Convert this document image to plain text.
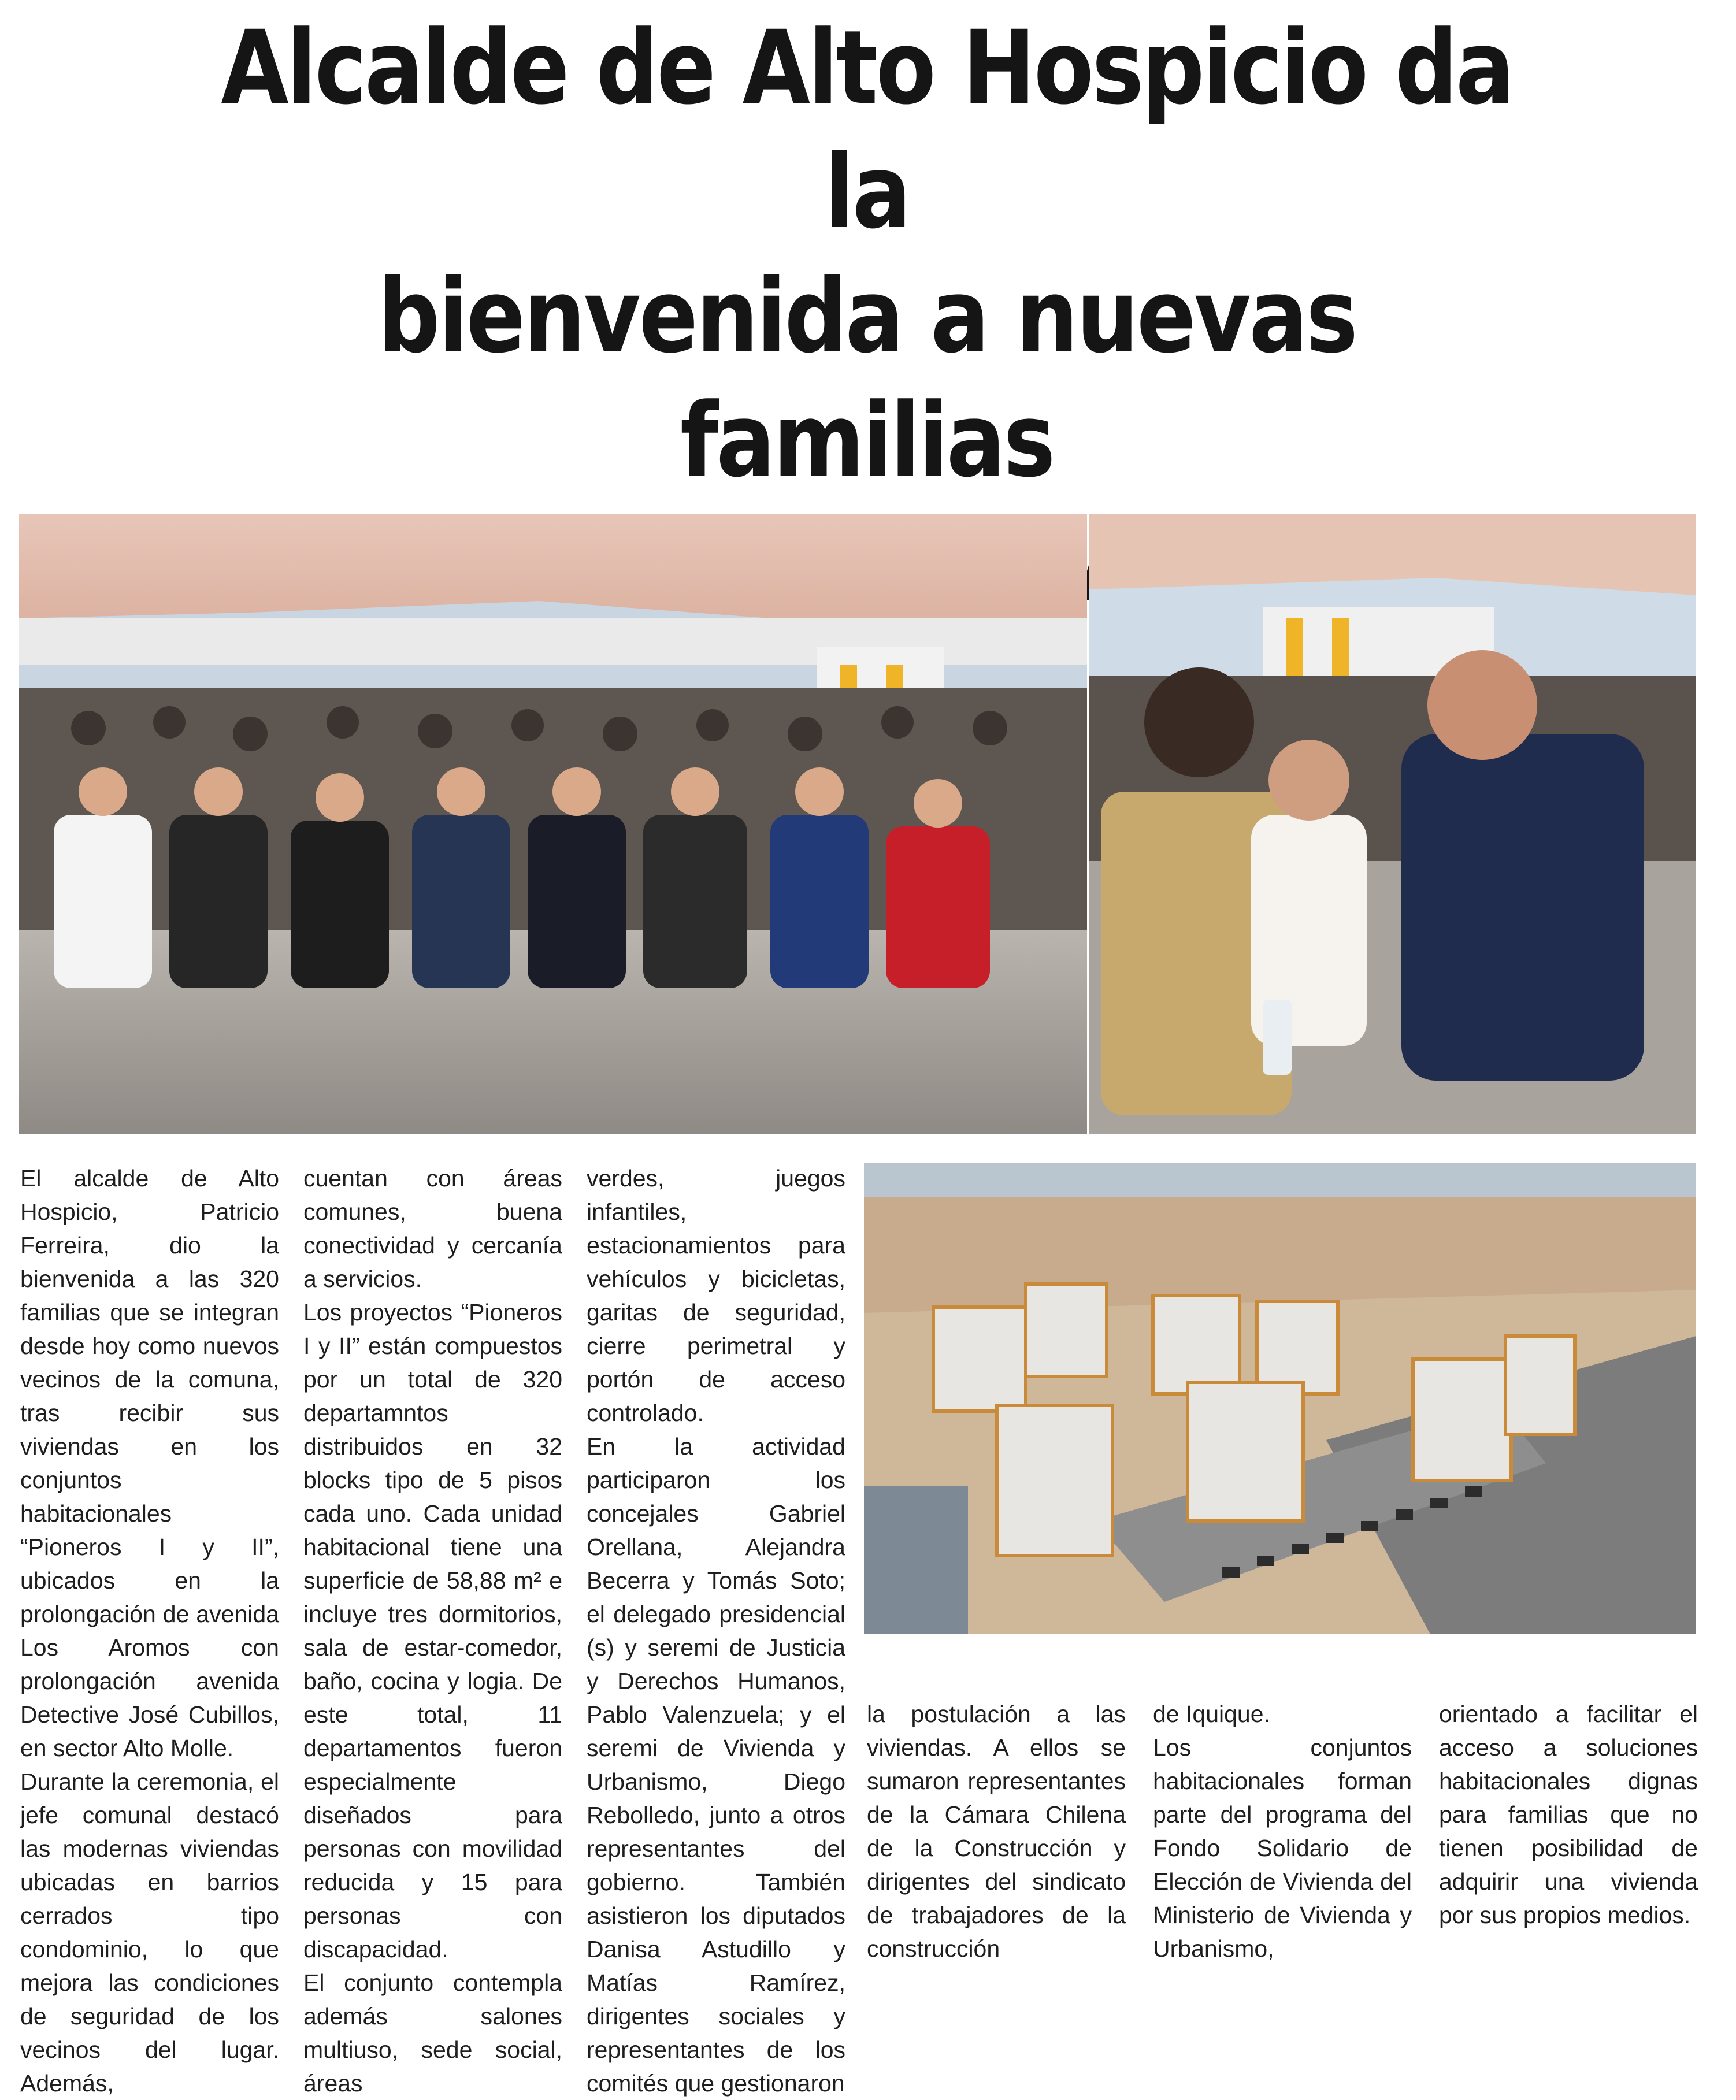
Alcalde de Alto Hospicio da la
bienvenida a nuevas familias

El alcalde de Alto Hospicio, Patricio Ferreira, dio la bienvenida a las 320 familias que se integran desde hoy como nuevos vecinos de la comuna, tras recibir sus viviendas en los conjuntos habitacionales “Pioneros I y II”, ubicados en la prolongación de avenida Los Aromos con prolongación avenida Detective José Cubillos, en sector Alto Molle.

Durante la ceremonia, el jefe comunal destacó las modernas viviendas ubicadas en barrios cerrados tipo condominio, lo que mejora las condiciones de seguridad de los vecinos del lugar. Además,

cuentan con áreas comunes, buena conectividad y cercanía a servicios.

Los proyectos “Pioneros I y II” están compuestos por un total de 320 departamntos distribuidos en 32 blocks tipo de 5 pisos cada uno. Cada unidad habitacional tiene una superficie de 58,88 m² e incluye tres dormitorios, sala de estar-comedor, baño, cocina y logia. De este total, 11 departamentos fueron especialmente diseñados para personas con movilidad reducida y 15 para personas con discapacidad.

El conjunto contempla además salones multiuso, sede social, áreas

verdes, juegos infantiles, estacionamientos para vehículos y bicicletas, garitas de seguridad, cierre perimetral y portón de acceso controlado.

En la actividad participaron los concejales Gabriel Orellana, Alejandra Becerra y Tomás Soto; el delegado presidencial (s) y seremi de Justicia y Derechos Humanos, Pablo Valenzuela; y el seremi de Vivienda y Urbanismo, Diego Rebolledo, junto a otros representantes del gobierno. También asistieron los diputados Danisa Astudillo y Matías Ramírez, dirigentes sociales y representantes de los comités que gestionaron

la postulación a las viviendas. A ellos se sumaron representantes de la Cámara Chilena de la Construcción y dirigentes del sindicato de trabajadores de la construcción

de Iquique.

Los conjuntos habitacionales forman parte del programa del Fondo Solidario de Elección de Vivienda del Ministerio de Vivienda y Urbanismo,

orientado a facilitar el acceso a soluciones habitacionales dignas para familias que no tienen posibilidad de adquirir una vivienda por sus propios medios.
